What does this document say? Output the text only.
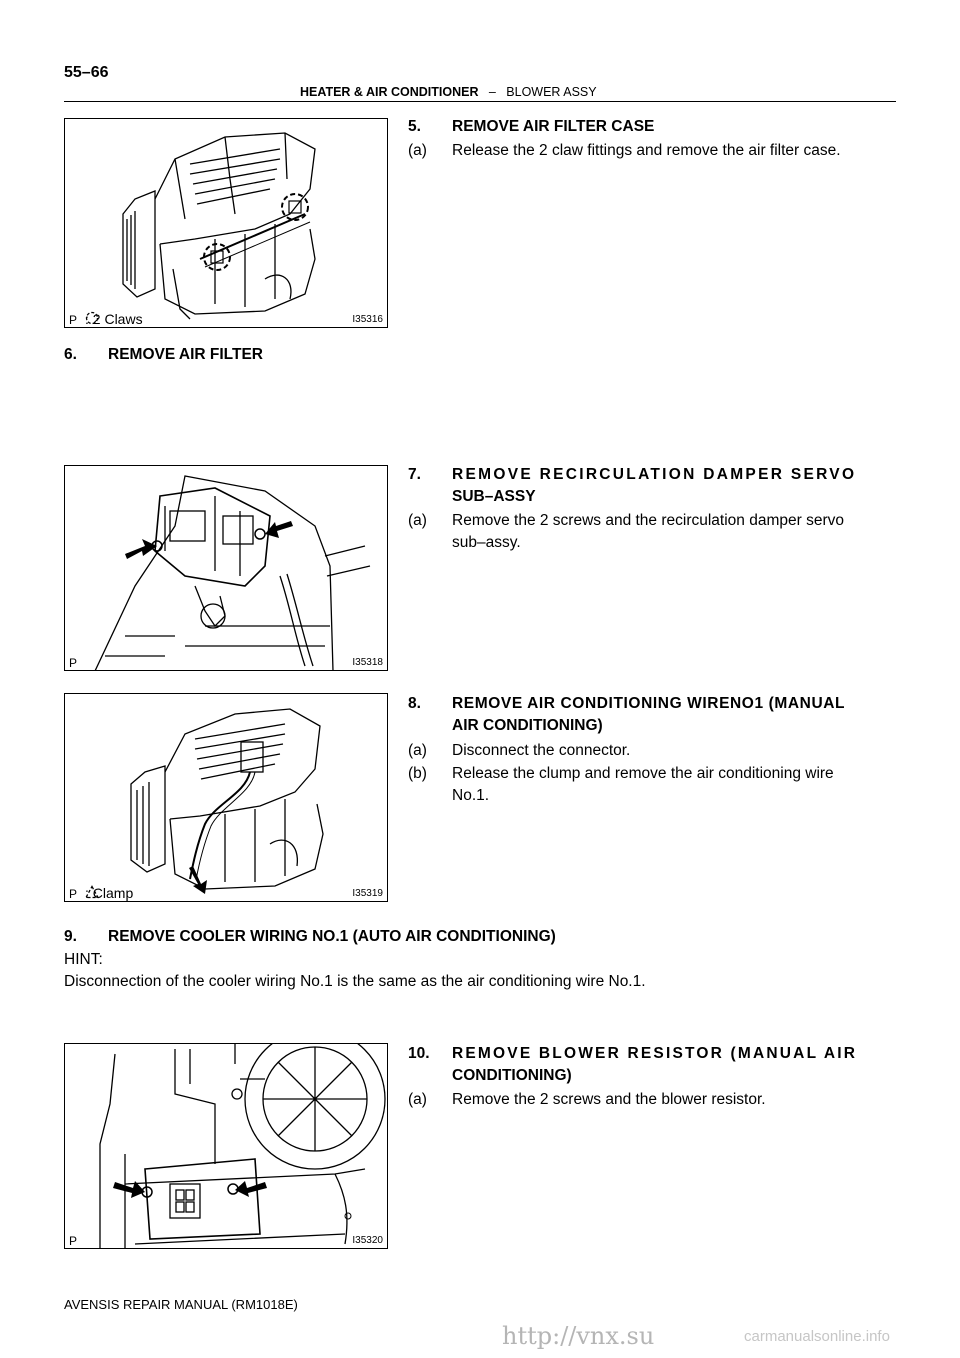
55–66
HEATER & AIR CONDITIONER – BLOWER ASSY
P : 2 Claws	I35316
5. REMOVE AIR FILTER CASE
(a) Release the 2 claw fittings and remove the air filter case.
6. REMOVE AIR FILTER
P	I35318
7. REMOVE RECIRCULATION DAMPER SERVO
SUB–ASSY
(a) Remove the 2 screws and the recirculation damper servo
sub–assy.
P : Clamp	I35319
8. REMOVE AIR CONDITIONING WIRENO1 (MANUAL
AIR CONDITIONING)
(a) Disconnect the connector.
(b) Release the clump and remove the air conditioning wire
No.1.
9. REMOVE COOLER WIRING NO.1 (AUTO AIR CONDITIONING)
HINT:
Disconnection of the cooler wiring No.1 is the same as the air conditioning wire No.1.
P	I35320
10. REMOVE BLOWER RESISTOR (MANUAL AIR
CONDITIONING)
(a) Remove the 2 screws and the blower resistor.
AVENSIS REPAIR MANUAL (RM1018E)
http://vnx.su	carmanualsonline.info
